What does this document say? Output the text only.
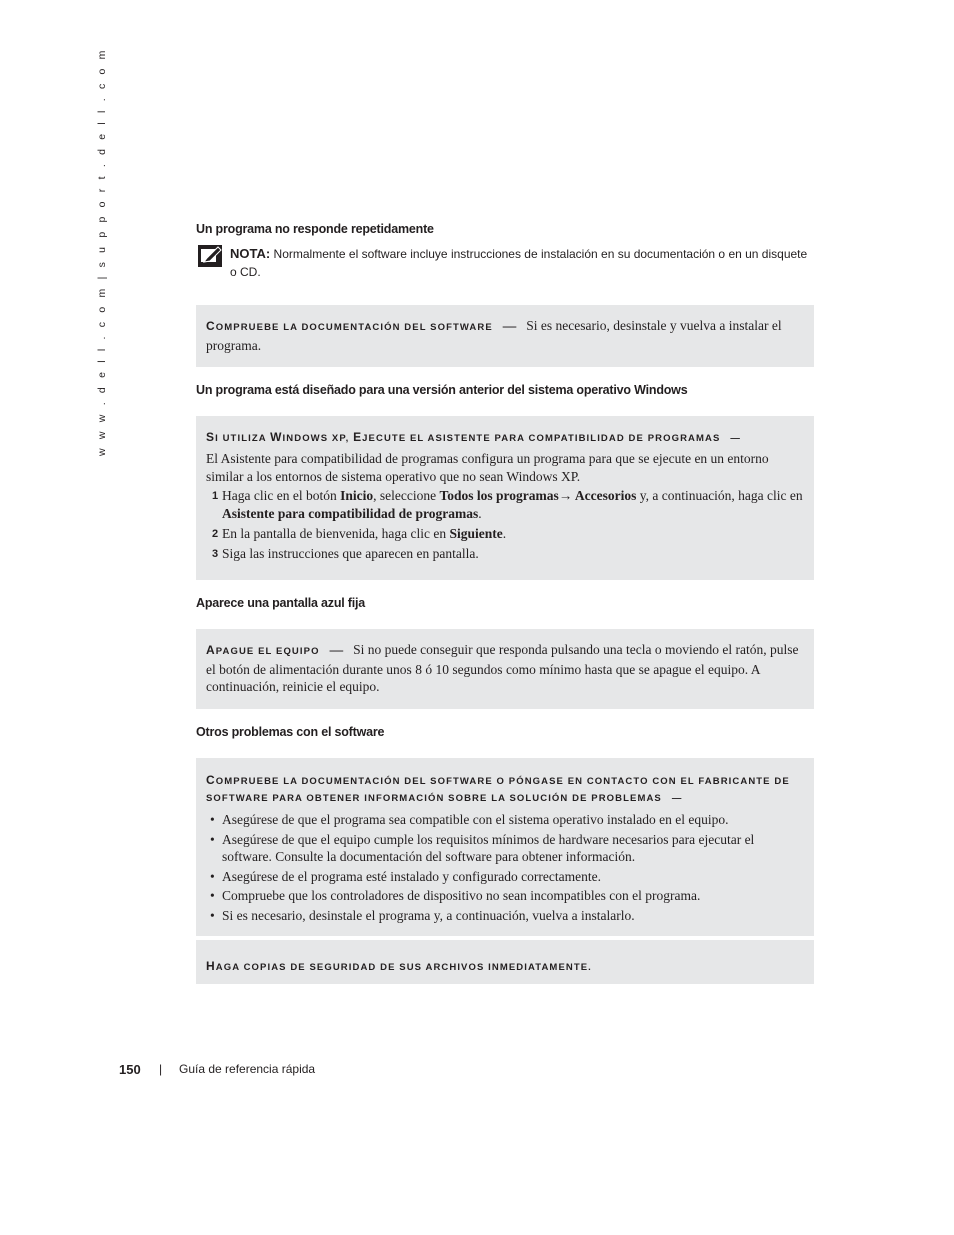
w w w . d e l l . c o m | s u p p o r t . d e l l . c o m	Un programa no responde repetidamente
NOTA: Normalmente el software incluye instrucciones de instalación en su documentación o en un disquete o CD.
COMPRUEBE LA DOCUMENTACIÓN DEL SOFTWARE — Si es necesario, desinstale y vuelva a instalar el programa.
Un programa está diseñado para una versión anterior del sistema operativo Windows
SI UTILIZA WINDOWS XP, EJECUTE EL ASISTENTE PARA COMPATIBILIDAD DE PROGRAMAS —
El Asistente para compatibilidad de programas configura un programa para que se ejecute en un entorno similar a los entornos de sistema operativo que no sean Windows XP.
1 Haga clic en el botón Inicio, seleccione Todos los programas→ Accesorios y, a continuación, haga clic en Asistente para compatibilidad de programas.
2 En la pantalla de bienvenida, haga clic en Siguiente.
3 Siga las instrucciones que aparecen en pantalla.
Aparece una pantalla azul fija
APAGUE EL EQUIPO — Si no puede conseguir que responda pulsando una tecla o moviendo el ratón, pulse el botón de alimentación durante unos 8 ó 10 segundos como mínimo hasta que se apague el equipo. A continuación, reinicie el equipo.
Otros problemas con el software
COMPRUEBE LA DOCUMENTACIÓN DEL SOFTWARE O PÓNGASE EN CONTACTO CON EL FABRICANTE DE SOFTWARE PARA OBTENER INFORMACIÓN SOBRE LA SOLUCIÓN DE PROBLEMAS —
• Asegúrese de que el programa sea compatible con el sistema operativo instalado en el equipo.
• Asegúrese de que el equipo cumple los requisitos mínimos de hardware necesarios para ejecutar el software. Consulte la documentación del software para obtener información.
• Asegúrese de el programa esté instalado y configurado correctamente.
• Compruebe que los controladores de dispositivo no sean incompatibles con el programa.
• Si es necesario, desinstale el programa y, a continuación, vuelva a instalarlo.
HAGA COPIAS DE SEGURIDAD DE SUS ARCHIVOS INMEDIATAMENTE.
150 | Guía de referencia rápida
